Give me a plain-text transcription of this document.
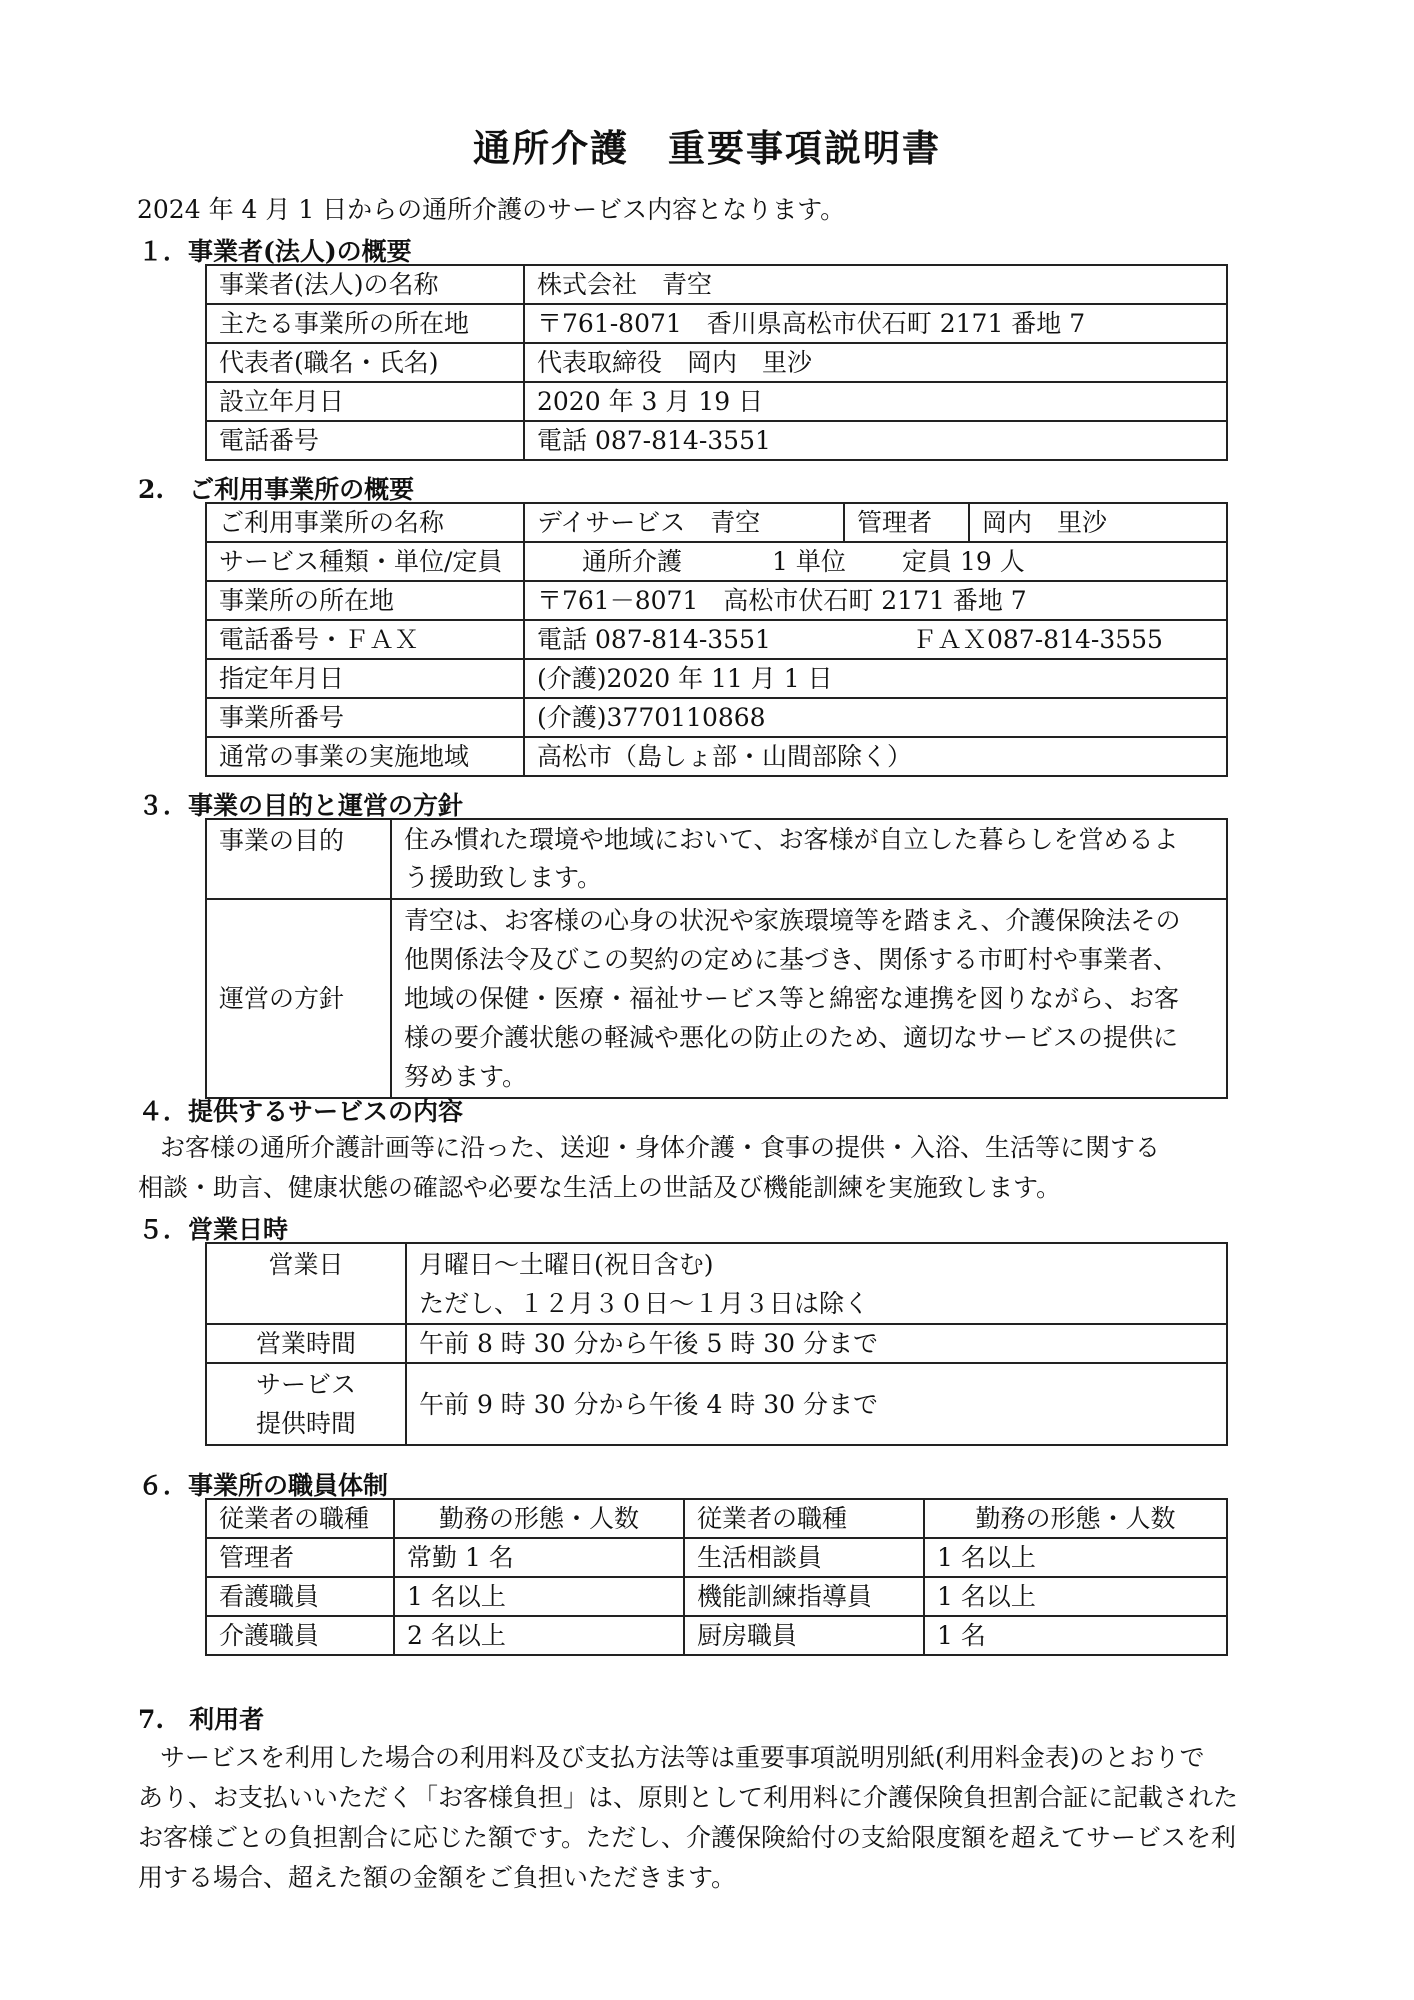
通所介護　重要事項説明書
2024 年 4 月 1 日からの通所介護のサービス内容となります。
１．事業者(法人)の概要
事業者(法人)の名称	株式会社　青空
主たる事業所の所在地	〒761-8071　香川県高松市伏石町 2171 番地 7
代表者(職名・氏名)	代表取締役　岡内　里沙
設立年月日	2020 年 3 月 19 日
電話番号	電話 087-814-3551
2.　ご利用事業所の概要
ご利用事業所の名称	デイサービス　青空	管理者	岡内　里沙
サービス種類・単位/定員	通所介護 1 単位 定員 19 人		
事業所の所在地	〒761－8071　高松市伏石町 2171 番地 7		
電話番号・ＦＡＸ	電話 087-814-3551 ＦＡＸ087-814-3555		
指定年月日	(介護)2020 年 11 月 1 日		
事業所番号	(介護)3770110868		
通常の事業の実施地域	高松市（島しょ部・山間部除く）		
３．事業の目的と運営の方針
事業の目的	住み慣れた環境や地域において、お客様が自立した暮らしを営めるよ
う援助致します。

運営の方針	青空は、お客様の心身の状況や家族環境等を踏まえ、介護保険法その
他関係法令及びこの契約の定めに基づき、関係する市町村や事業者、
地域の保健・医療・福祉サービス等と綿密な連携を図りながら、お客
様の要介護状態の軽減や悪化の防止のため、適切なサービスの提供に
努めます。
４．提供するサービスの内容
お客様の通所介護計画等に沿った、送迎・身体介護・食事の提供・入浴、生活等に関する
相談・助言、健康状態の確認や必要な生活上の世話及び機能訓練を実施致します。
５．営業日時
営業日	月曜日～土曜日(祝日含む)
ただし、１２月３０日～１月３日は除く

営業時間	午前 8 時 30 分から午後 5 時 30 分まで

サービス
提供時間	午前 9 時 30 分から午後 4 時 30 分まで
６．事業所の職員体制
従業者の職種	勤務の形態・人数	従業者の職種	勤務の形態・人数
管理者	常勤 1 名	生活相談員	1 名以上
看護職員	1 名以上	機能訓練指導員	1 名以上
介護職員	2 名以上	厨房職員	1 名
7.　利用者
サービスを利用した場合の利用料及び支払方法等は重要事項説明別紙(利用料金表)のとおりで
あり、お支払いいただく「お客様負担」は、原則として利用料に介護保険負担割合証に記載された
お客様ごとの負担割合に応じた額です。ただし、介護保険給付の支給限度額を超えてサービスを利
用する場合、超えた額の金額をご負担いただきます。
